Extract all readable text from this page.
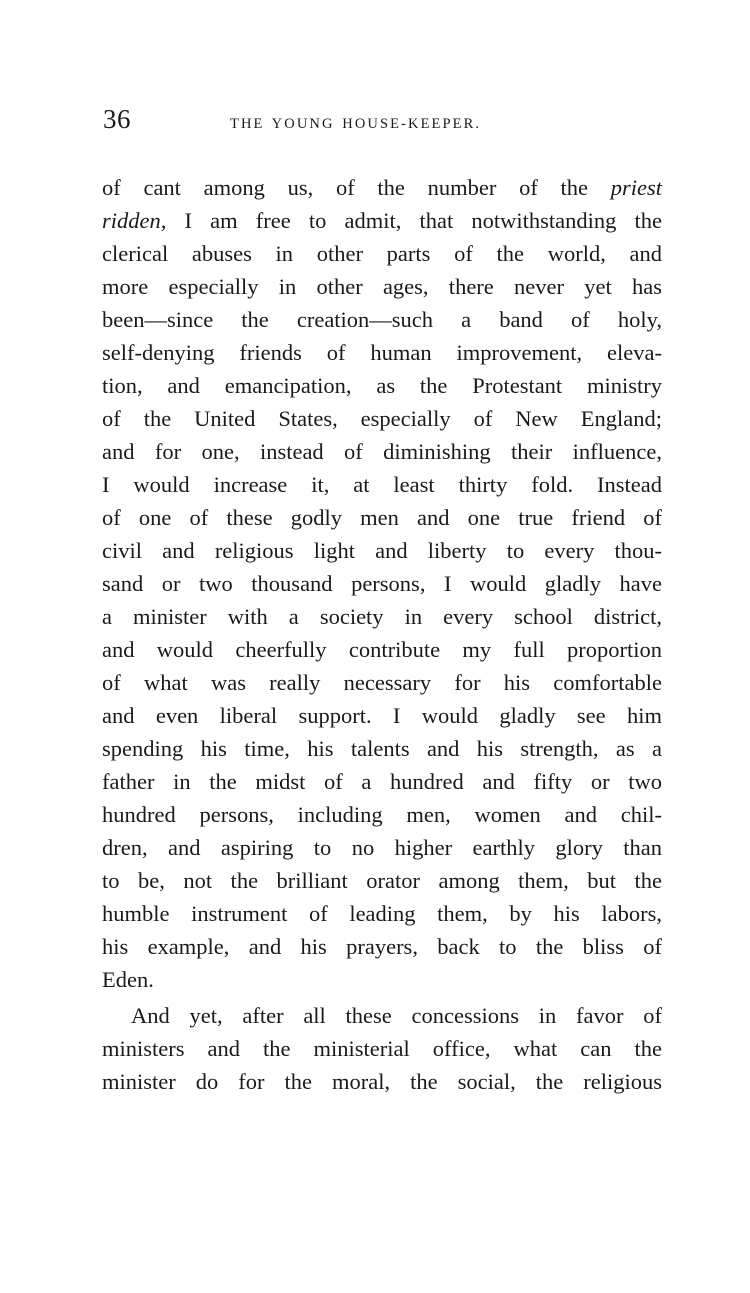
36	THE YOUNG HOUSE-KEEPER.
of cant among us, of the number of the priest
ridden, I am free to admit, that notwithstanding the
clerical abuses in other parts of the world, and
more especially in other ages, there never yet has
been—since the creation—such a band of holy,
self-denying friends of human improvement, eleva-
tion, and emancipation, as the Protestant ministry
of the United States, especially of New England;
and for one, instead of diminishing their influence,
I would increase it, at least thirty fold. Instead
of one of these godly men and one true friend of
civil and religious light and liberty to every thou-
sand or two thousand persons, I would gladly have
a minister with a society in every school district,
and would cheerfully contribute my full proportion
of what was really necessary for his comfortable
and even liberal support. I would gladly see him
spending his time, his talents and his strength, as a
father in the midst of a hundred and fifty or two
hundred persons, including men, women and chil-
dren, and aspiring to no higher earthly glory than
to be, not the brilliant orator among them, but the
humble instrument of leading them, by his labors,
his example, and his prayers, back to the bliss of
Eden.
And yet, after all these concessions in favor of
ministers and the ministerial office, what can the
minister do for the moral, the social, the religious
